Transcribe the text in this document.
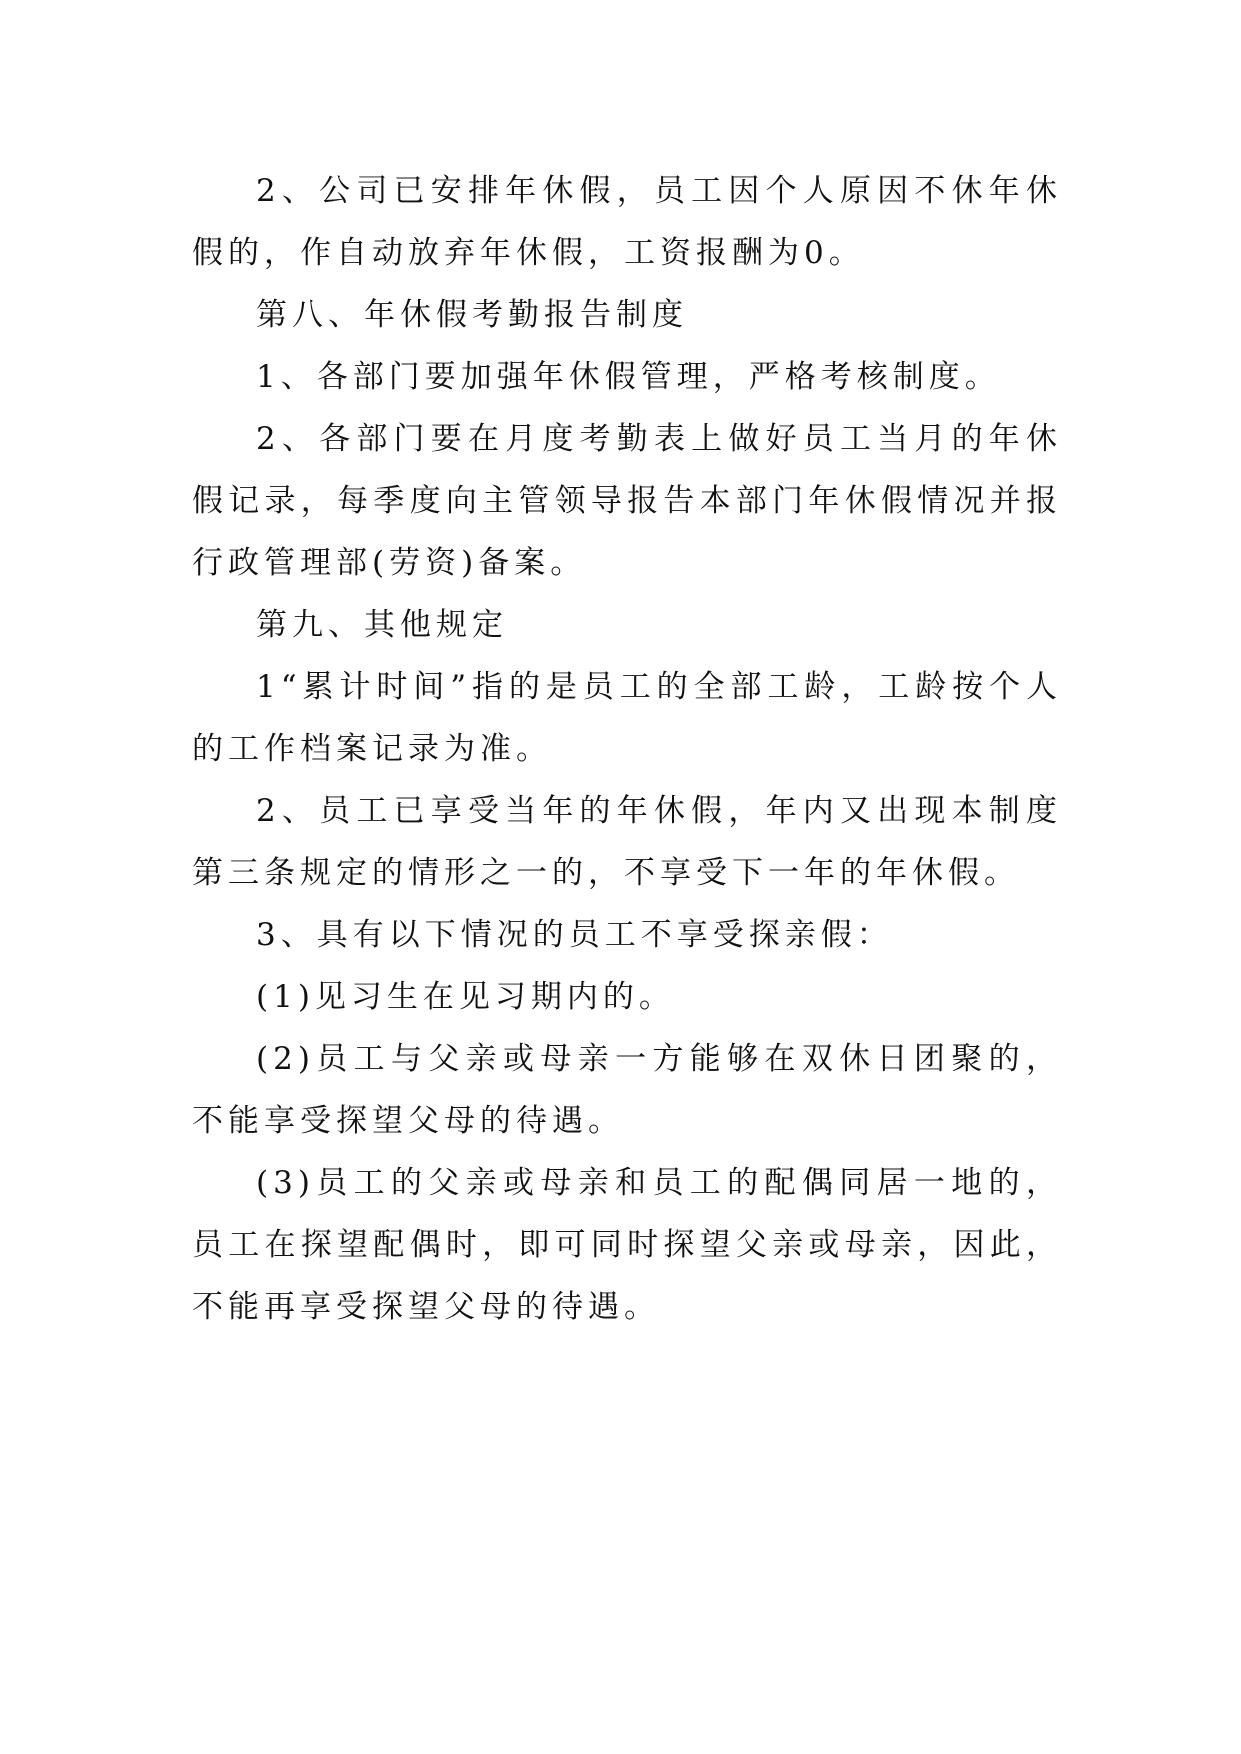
2、公司已安排年休假，员工因个人原因不休年休假的，作自动放弃年休假，工资报酬为0。

第八、年休假考勤报告制度

1、各部门要加强年休假管理，严格考核制度。

2、各部门要在月度考勤表上做好员工当月的年休假记录，每季度向主管领导报告本部门年休假情况并报行政管理部(劳资)备案。

第九、其他规定

1“累计时间”指的是员工的全部工龄，工龄按个人的工作档案记录为准。

2、员工已享受当年的年休假，年内又出现本制度第三条规定的情形之一的，不享受下一年的年休假。

3、具有以下情况的员工不享受探亲假：

(1)见习生在见习期内的。

(2)员工与父亲或母亲一方能够在双休日团聚的，不能享受探望父母的待遇。

(3)员工的父亲或母亲和员工的配偶同居一地的，员工在探望配偶时，即可同时探望父亲或母亲，因此，不能再享受探望父母的待遇。
